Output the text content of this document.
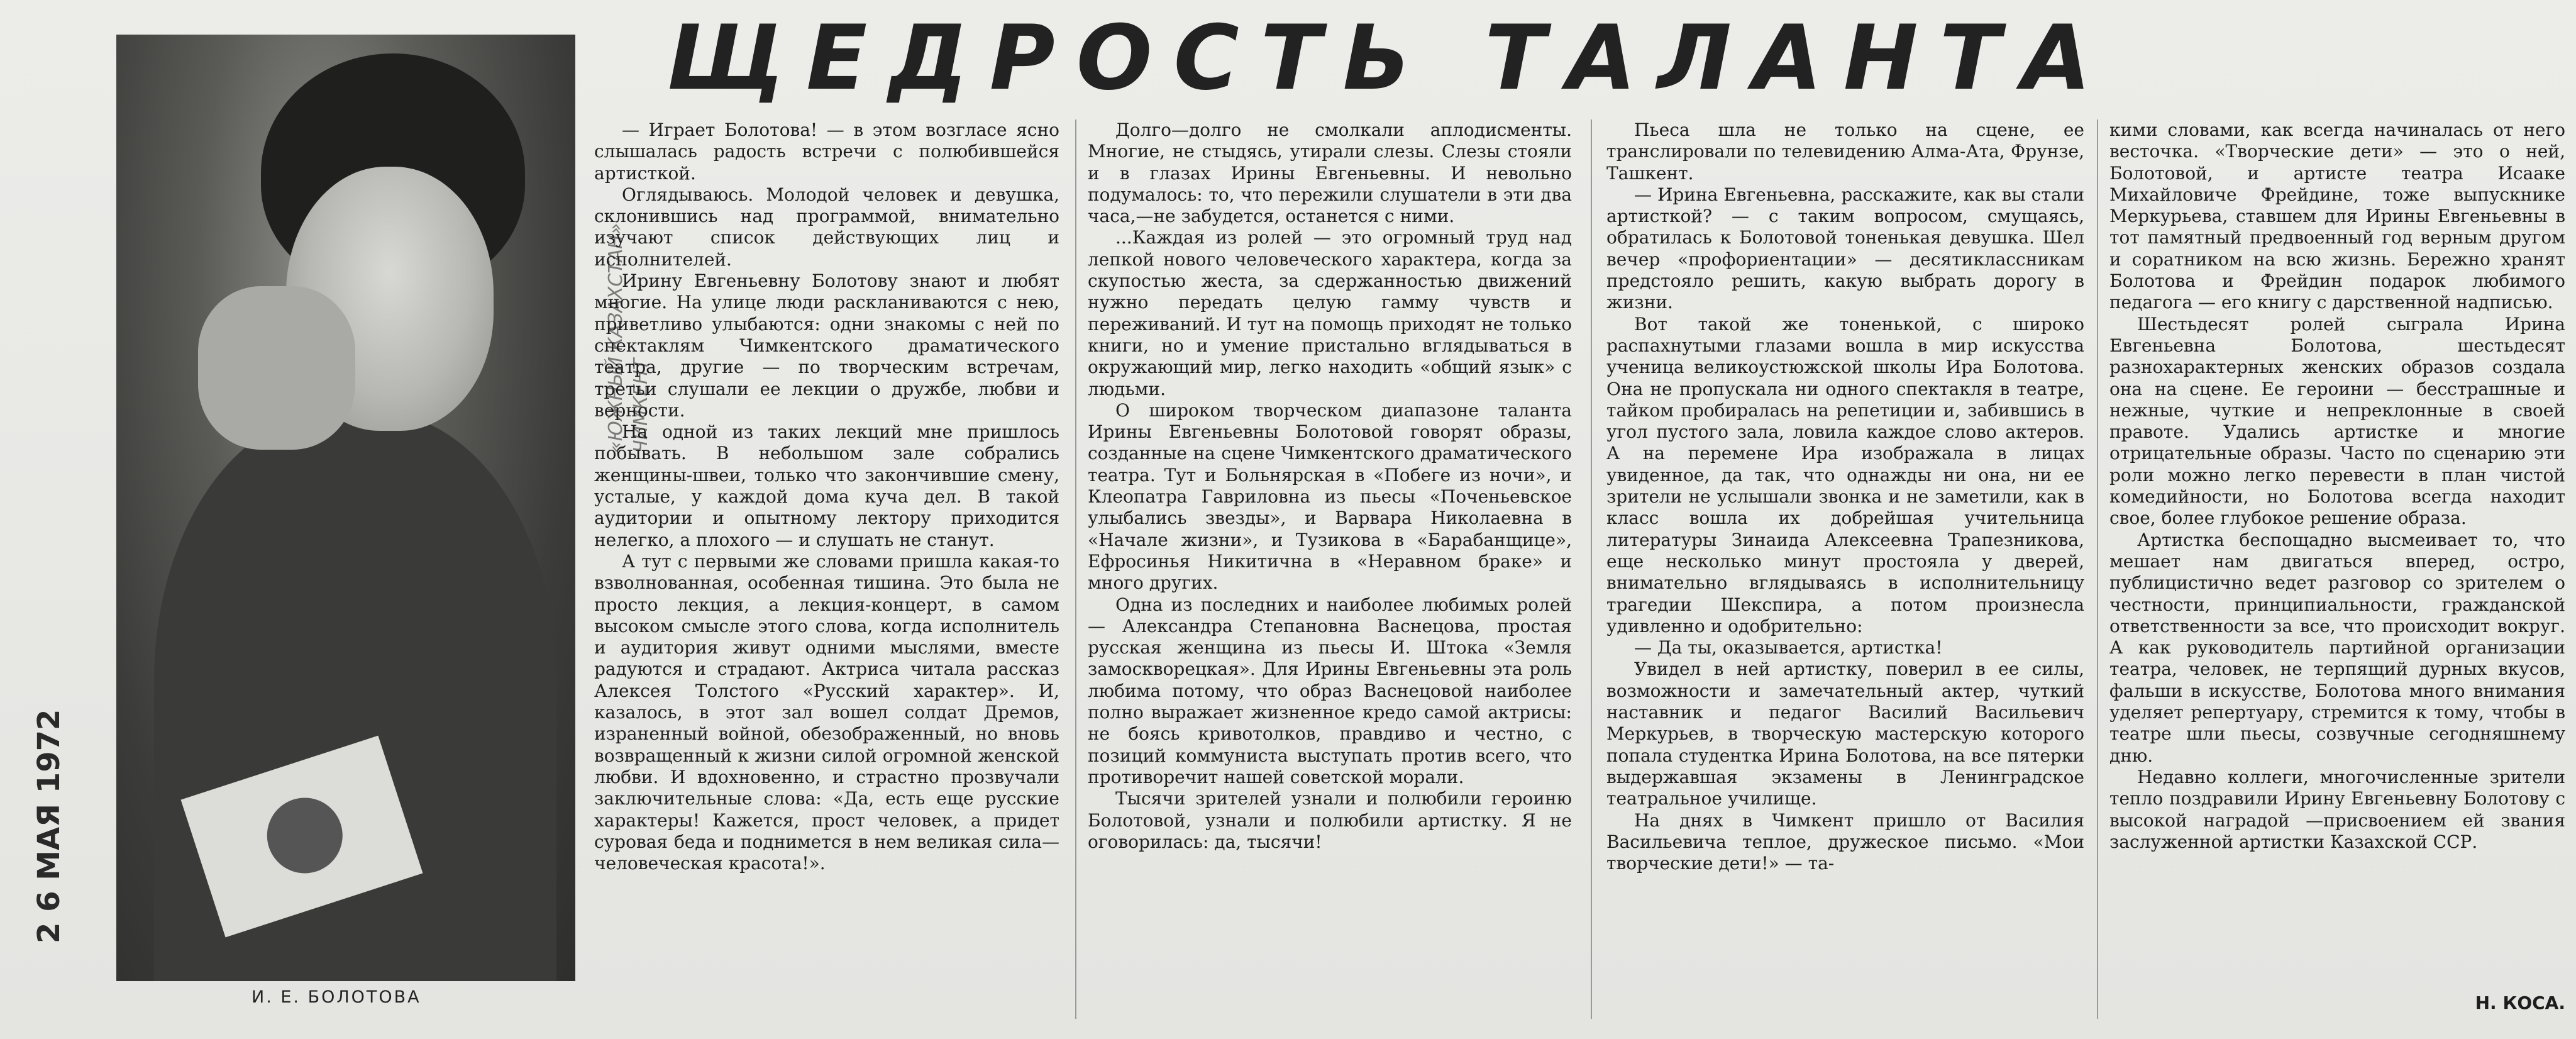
ЩЕДРОСТЬ ТАЛАНТА
И. Е. БОЛОТОВА
2 6 МАЯ 1972
«ЮЖНЫЙ КАЗАХСТАН» ЧИМКЕНТ

— Играет Болотова! — в этом возгласе ясно слышалась радость встречи с полюбившейся артисткой.

Оглядываюсь. Молодой человек и девушка, склонившись над программой, внимательно изучают список действующих лиц и исполнителей.

Ирину Евгеньевну Болотову знают и любят многие. На улице люди раскланиваются с нею, приветливо улыбаются: одни знакомы с ней по спектаклям Чимкентского драматического театра, другие — по творческим встречам, третьи слушали ее лекции о дружбе, любви и верности.

На одной из таких лекций мне пришлось побывать. В небольшом зале собрались женщины-швеи, только что закончившие смену, усталые, у каждой дома куча дел. В такой аудитории и опытному лектору приходится нелегко, а плохого — и слушать не станут.

А тут с первыми же словами пришла какая-то взволнованная, особенная тишина. Это была не просто лекция, а лекция-концерт, в самом высоком смысле этого слова, когда исполнитель и аудитория живут одними мыслями, вместе радуются и страдают. Актриса читала рассказ Алексея Толстого «Русский характер». И, казалось, в этот зал вошел солдат Дремов, израненный войной, обезображенный, но вновь возвращенный к жизни силой огромной женской любви. И вдохновенно, и страстно прозвучали заключительные слова: «Да, есть еще русские характеры! Кажется, прост человек, а придет суровая беда и поднимется в нем великая сила—человеческая красота!».

Долго—долго не смолкали аплодисменты. Многие, не стыдясь, утирали слезы. Слезы стояли и в глазах Ирины Евгеньевны. И невольно подумалось: то, что пережили слушатели в эти два часа,—не забудется, останется с ними.

...Каждая из ролей — это огромный труд над лепкой нового человеческого характера, когда за скупостью жеста, за сдержанностью движений нужно передать целую гамму чувств и переживаний. И тут на помощь приходят не только книги, но и умение пристально вглядываться в окружающий мир, легко находить «общий язык» с людьми.

О широком творческом диапазоне таланта Ирины Евгеньевны Болотовой говорят образы, созданные на сцене Чимкентского драматического театра. Тут и Больнярская в «Побеге из ночи», и Клеопатра Гавриловна из пьесы «Поченьевское улыбались звезды», и Варвара Николаевна в «Начале жизни», и Тузикова в «Барабанщице», Ефросинья Никитична в «Неравном браке» и много других.

Одна из последних и наиболее любимых ролей — Александра Степановна Васнецова, простая русская женщина из пьесы И. Штока «Земля замоскворецкая». Для Ирины Евгеньевны эта роль любима потому, что образ Васнецовой наиболее полно выражает жизненное кредо самой актрисы: не боясь кривотолков, правдиво и честно, с позиций коммуниста выступать против всего, что противоречит нашей советской морали.

Тысячи зрителей узнали и полюбили героиню Болотовой, узнали и полюбили артистку. Я не оговорилась: да, тысячи!

Пьеса шла не только на сцене, ее транслировали по телевидению Алма-Ата, Фрунзе, Ташкент.

— Ирина Евгеньевна, расскажите, как вы стали артисткой? — с таким вопросом, смущаясь, обратилась к Болотовой тоненькая девушка. Шел вечер «профориентации» — десятиклассникам предстояло решить, какую выбрать дорогу в жизни.

Вот такой же тоненькой, с широко распахнутыми глазами вошла в мир искусства ученица великоустюжской школы Ира Болотова. Она не пропускала ни одного спектакля в театре, тайком пробиралась на репетиции и, забившись в угол пустого зала, ловила каждое слово актеров. А на перемене Ира изображала в лицах увиденное, да так, что однажды ни она, ни ее зрители не услышали звонка и не заметили, как в класс вошла их добрейшая учительница литературы Зинаида Алексеевна Трапезникова, еще несколько минут простояла у дверей, внимательно вглядываясь в исполнительницу трагедии Шекспира, а потом произнесла удивленно и одобрительно:

— Да ты, оказывается, артистка!

Увидел в ней артистку, поверил в ее силы, возможности и замечательный актер, чуткий наставник и педагог Василий Васильевич Меркурьев, в творческую мастерскую которого попала студентка Ирина Болотова, на все пятерки выдержавшая экзамены в Ленинградское театральное училище.

На днях в Чимкент пришло от Василия Васильевича теплое, дружеское письмо. «Мои творческие дети!» — та-

кими словами, как всегда начиналась от него весточка. «Творческие дети» — это о ней, Болотовой, и артисте театра Исааке Михайловиче Фрейдине, тоже выпускнике Меркурьева, ставшем для Ирины Евгеньевны в тот памятный предвоенный год верным другом и соратником на всю жизнь. Бережно хранят Болотова и Фрейдин подарок любимого педагога — его книгу с дарственной надписью.

Шестьдесят ролей сыграла Ирина Евгеньевна Болотова, шестьдесят разнохарактерных женских образов создала она на сцене. Ее героини — бесстрашные и нежные, чуткие и непреклонные в своей правоте. Удались артистке и многие отрицательные образы. Часто по сценарию эти роли можно легко перевести в план чистой комедийности, но Болотова всегда находит свое, более глубокое решение образа.

Артистка беспощадно высмеивает то, что мешает нам двигаться вперед, остро, публицистично ведет разговор со зрителем о честности, принципиальности, гражданской ответственности за все, что происходит вокруг. А как руководитель партийной организации театра, человек, не терпящий дурных вкусов, фальши в искусстве, Болотова много внимания уделяет репертуару, стремится к тому, чтобы в театре шли пьесы, созвучные сегодняшнему дню.

Недавно коллеги, многочисленные зрители тепло поздравили Ирину Евгеньевну Болотову с высокой наградой —присвоением ей звания заслуженной артистки Казахской ССР.

Н. КОСА.
